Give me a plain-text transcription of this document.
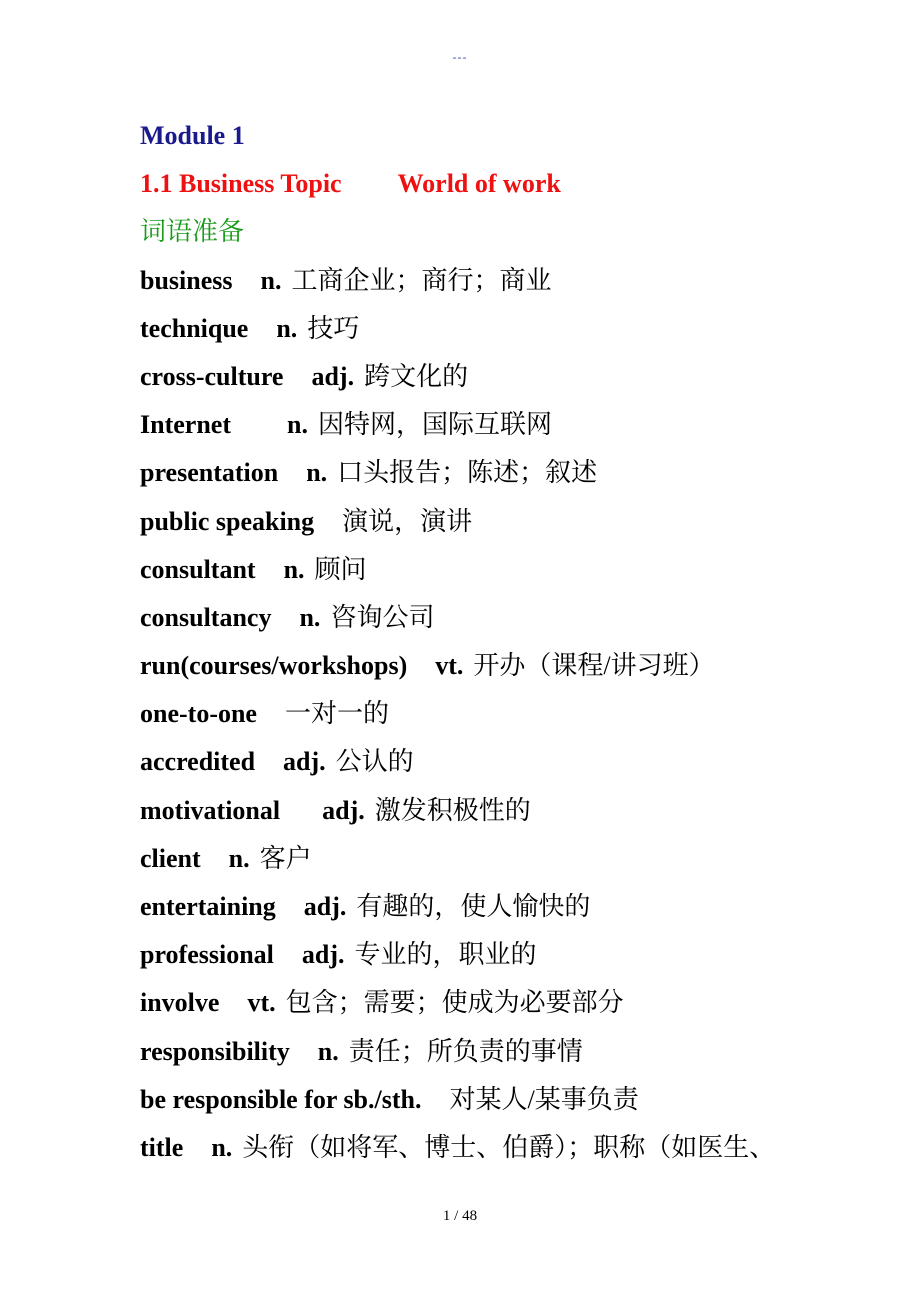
---
Module 1
1.1 Business Topic World of work
词语准备
business n. 工商企业；商行；商业
technique n. 技巧
cross-culture adj. 跨文化的
Internet n. 因特网，国际互联网
presentation n. 口头报告；陈述；叙述
public speaking 演说，演讲
consultant n. 顾问
consultancy n. 咨询公司
run(courses/workshops) vt. 开办（课程/讲习班）
one-to-one 一对一的
accredited adj. 公认的
motivational adj. 激发积极性的
client n. 客户
entertaining adj. 有趣的，使人愉快的
professional adj. 专业的，职业的
involve vt. 包含；需要；使成为必要部分
responsibility n. 责任；所负责的事情
be responsible for sb./sth. 对某人/某事负责
title n. 头衔（如将军、博士、伯爵）；职称（如医生、
1 / 48
